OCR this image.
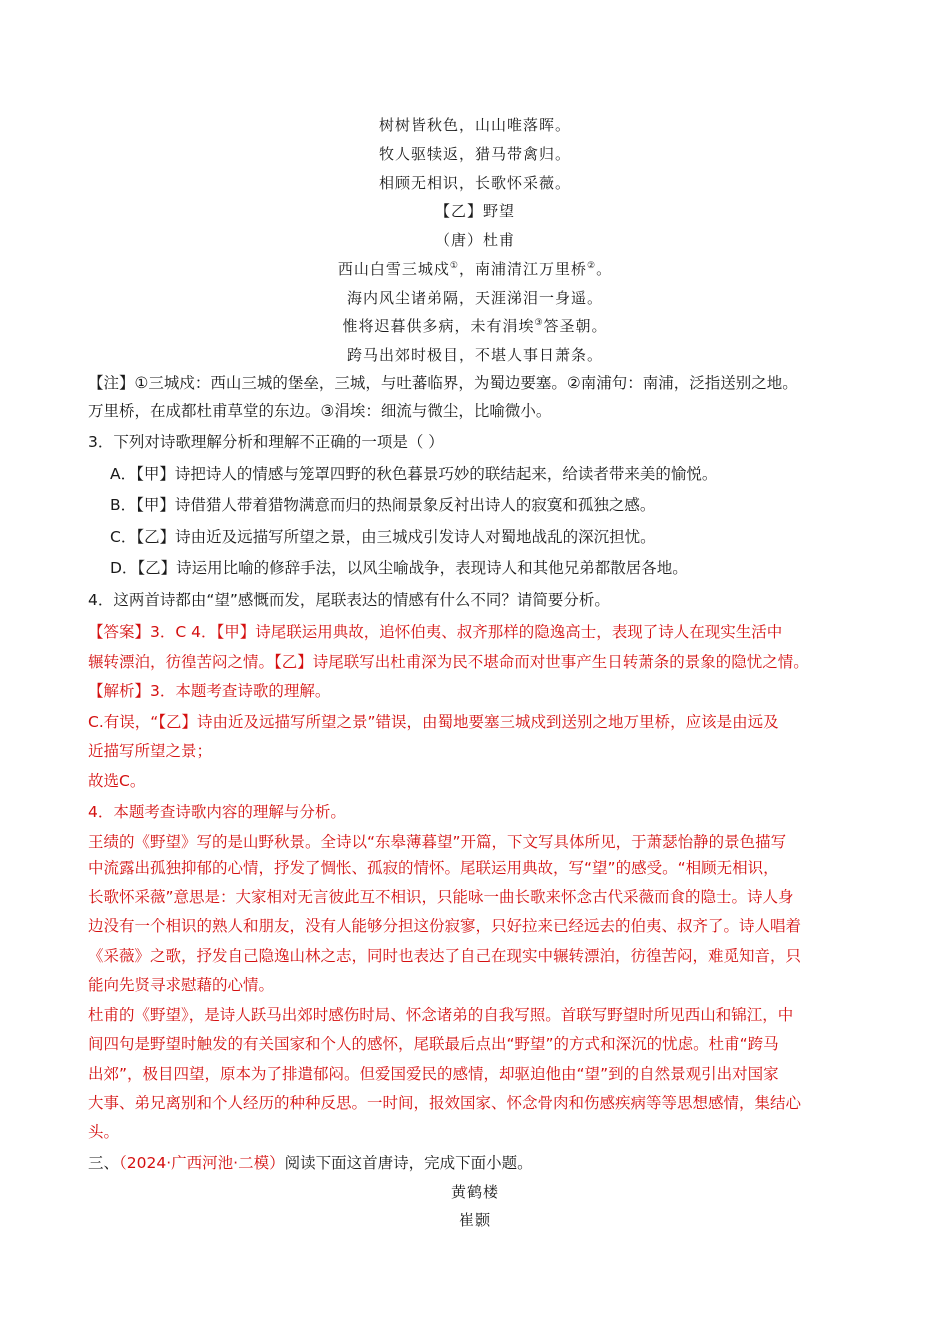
树树皆秋色，山山唯落晖。
牧人驱犊返，猎马带禽归。
相顾无相识，长歌怀采薇。
【乙】野望
（唐）杜甫
西山白雪三城戍①，南浦清江万里桥②。
海内风尘诸弟隔，天涯涕泪一身遥。
惟将迟暮供多病，未有涓埃③答圣朝。
跨马出郊时极目，不堪人事日萧条。
【注】①三城戍：西山三城的堡垒，三城，与吐蕃临界，为蜀边要塞。②南浦句：南浦，泛指送别之地。
万里桥，在成都杜甫草堂的东边。③涓埃：细流与微尘，比喻微小。
3．下列对诗歌理解分析和理解不正确的一项是（ ）
A．【甲】诗把诗人的情感与笼罩四野的秋色暮景巧妙的联结起来，给读者带来美的愉悦。
B．【甲】诗借猎人带着猎物满意而归的热闹景象反衬出诗人的寂寞和孤独之感。
C．【乙】诗由近及远描写所望之景，由三城戍引发诗人对蜀地战乱的深沉担忧。
D．【乙】诗运用比喻的修辞手法，以风尘喻战争，表现诗人和其他兄弟都散居各地。
4．这两首诗都由“望”感慨而发，尾联表达的情感有什么不同？请简要分析。
【答案】3．C 4．【甲】诗尾联运用典故，追怀伯夷、叔齐那样的隐逸高士，表现了诗人在现实生活中
辗转漂泊，彷徨苦闷之情。【乙】诗尾联写出杜甫深为民不堪命而对世事产生日转萧条的景象的隐忧之情。
【解析】3．本题考查诗歌的理解。
C.有误，“【乙】诗由近及远描写所望之景”错误，由蜀地要塞三城戍到送别之地万里桥，应该是由远及
近描写所望之景；
故选C。
4．本题考查诗歌内容的理解与分析。
王绩的《野望》写的是山野秋景。全诗以“东皋薄暮望”开篇，下文写具体所见，于萧瑟怡静的景色描写
中流露出孤独抑郁的心情，抒发了惆怅、孤寂的情怀。尾联运用典故，写“望”的感受。“相顾无相识，
长歌怀采薇”意思是：大家相对无言彼此互不相识，只能咏一曲长歌来怀念古代采薇而食的隐士。诗人身
边没有一个相识的熟人和朋友，没有人能够分担这份寂寥，只好拉来已经远去的伯夷、叔齐了。诗人唱着
《采薇》之歌，抒发自己隐逸山林之志，同时也表达了自己在现实中辗转漂泊，彷徨苦闷，难觅知音，只
能向先贤寻求慰藉的心情。
杜甫的《野望》，是诗人跃马出郊时感伤时局、怀念诸弟的自我写照。首联写野望时所见西山和锦江，中
间四句是野望时触发的有关国家和个人的感怀，尾联最后点出“野望”的方式和深沉的忧虑。杜甫“跨马
出郊”，极目四望，原本为了排遣郁闷。但爱国爱民的感情，却驱迫他由“望”到的自然景观引出对国家
大事、弟兄离别和个人经历的种种反思。一时间，报效国家、怀念骨肉和伤感疾病等等思想感情，集结心
头。
三、（2024·广西河池·二模）阅读下面这首唐诗，完成下面小题。
黄鹤楼
崔颢
